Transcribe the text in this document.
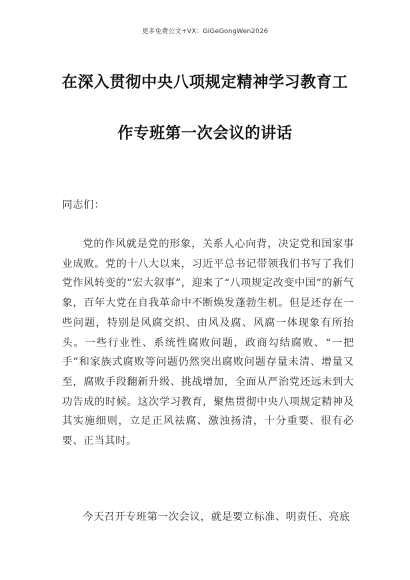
更多免费公文+VX：GiGeGongWen2026
在深入贯彻中央八项规定精神学习教育工
作专班第一次会议的讲话
同志们：
党的作风就是党的形象，关系人心向背，决定党和国家事业成败。党的十八大以来，习近平总书记带领我们书写了我们党作风转变的“宏大叙事”，迎来了“八项规定改变中国”的新气象，百年大党在自我革命中不断焕发蓬勃生机。但是还存在一些问题，特别是风腐交织、由风及腐、风腐一体现象有所抬头。一些行业性、系统性腐败问题，政商勾结腐败、“一把手”和家族式腐败等问题仍然突出腐败问题存量未清、增量又至，腐败手段翻新升级、挑战增加，全面从严治党还远未到大功告成的时候。这次学习教育，聚焦贯彻中央八项规定精神及其实施细则，立足正风祛腐、激浊扬清，十分重要、很有必要、正当其时。
今天召开专班第一次会议，就是要立标准、明责任、亮底
